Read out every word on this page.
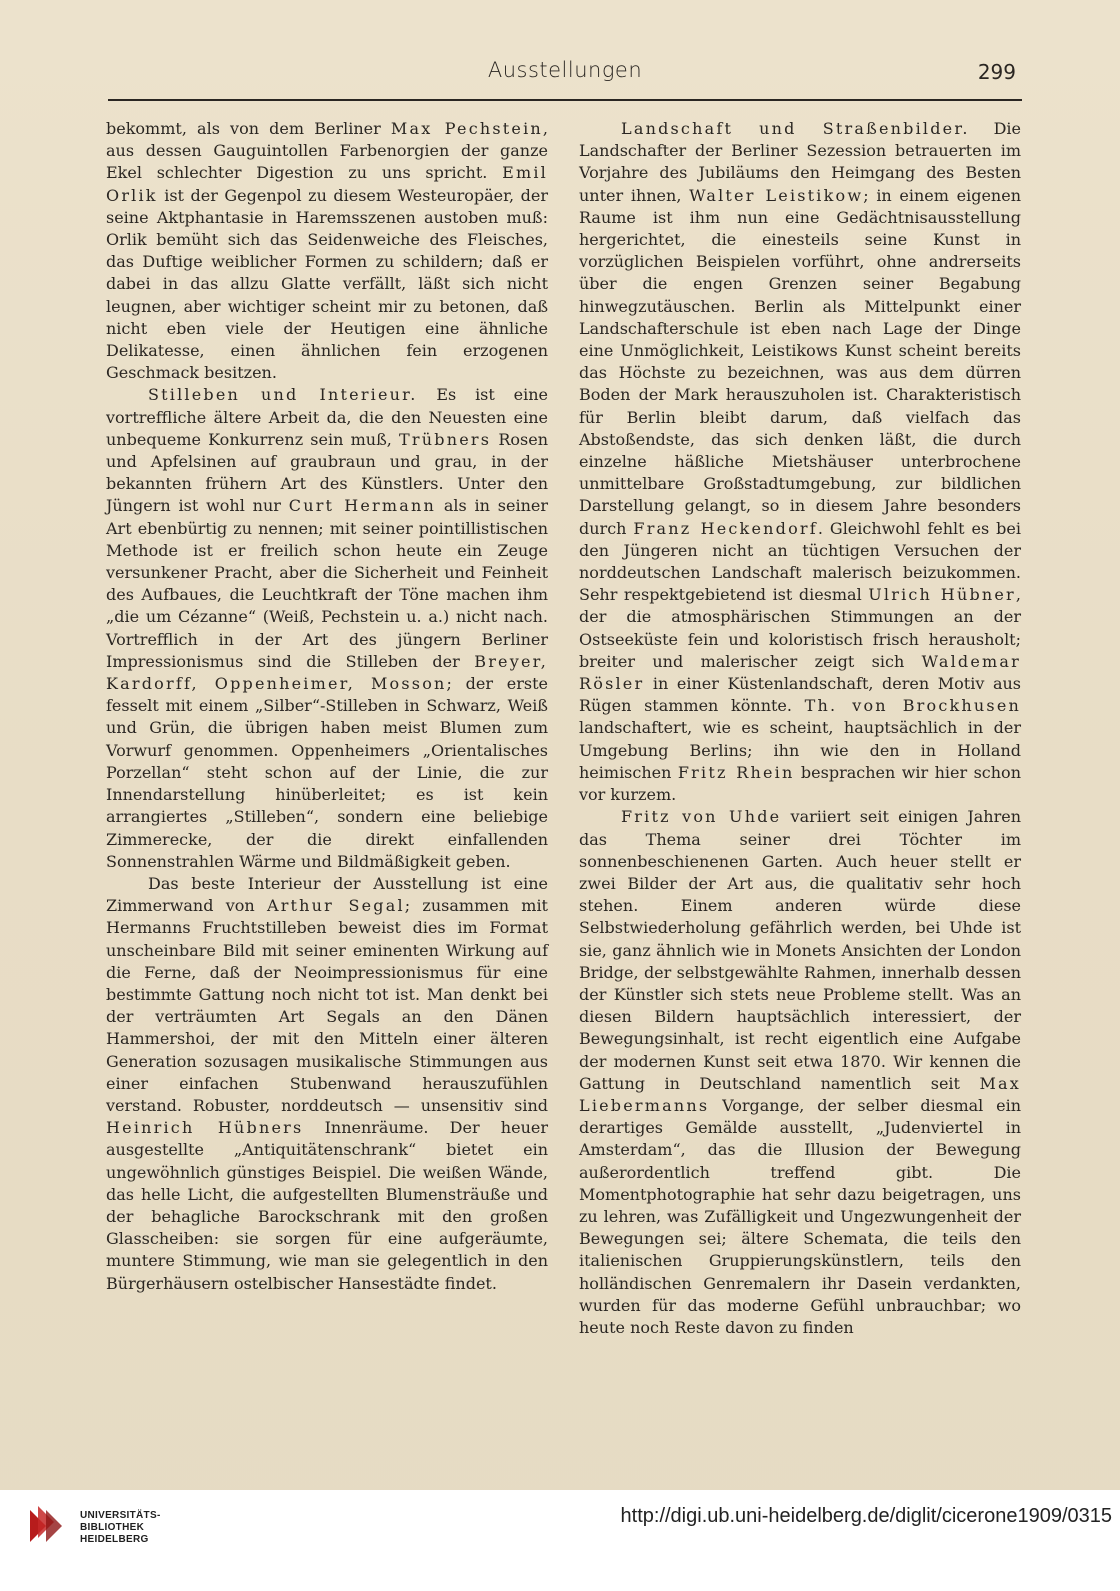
Ausstellungen	299

bekommt, als von dem Berliner Max Pechstein, aus dessen Gauguintollen Farbenorgien der ganze Ekel schlechter Digestion zu uns spricht. Emil Orlik ist der Gegenpol zu diesem Westeuropäer, der seine Aktphantasie in Haremsszenen austoben muß: Orlik bemüht sich das Seidenweiche des Fleisches, das Duftige weiblicher Formen zu schildern; daß er dabei in das allzu Glatte verfällt, läßt sich nicht leugnen, aber wichtiger scheint mir zu betonen, daß nicht eben viele der Heutigen eine ähnliche Delikatesse, einen ähnlichen fein erzogenen Geschmack besitzen.

Stilleben und Interieur. Es ist eine vortreffliche ältere Arbeit da, die den Neuesten eine unbequeme Konkurrenz sein muß, Trübners Rosen und Apfelsinen auf graubraun und grau, in der bekannten frühern Art des Künstlers. Unter den Jüngern ist wohl nur Curt Hermann als in seiner Art ebenbürtig zu nennen; mit seiner pointillistischen Methode ist er freilich schon heute ein Zeuge versunkener Pracht, aber die Sicherheit und Feinheit des Aufbaues, die Leuchtkraft der Töne machen ihm „die um Cézanne“ (Weiß, Pechstein u. a.) nicht nach. Vortrefflich in der Art des jüngern Berliner Impressionismus sind die Stilleben der Breyer, Kardorff, Oppenheimer, Mosson; der erste fesselt mit einem „Silber“-Stilleben in Schwarz, Weiß und Grün, die übrigen haben meist Blumen zum Vorwurf genommen. Oppenheimers „Orientalisches Porzellan“ steht schon auf der Linie, die zur Innendarstellung hinüberleitet; es ist kein arrangiertes „Stilleben“, sondern eine beliebige Zimmerecke, der die direkt einfallenden Sonnenstrahlen Wärme und Bildmäßigkeit geben.

Das beste Interieur der Ausstellung ist eine Zimmerwand von Arthur Segal; zusammen mit Hermanns Fruchtstilleben beweist dies im Format unscheinbare Bild mit seiner eminenten Wirkung auf die Ferne, daß der Neoimpressionismus für eine bestimmte Gattung noch nicht tot ist. Man denkt bei der verträumten Art Segals an den Dänen Hammershoi, der mit den Mitteln einer älteren Generation sozusagen musikalische Stimmungen aus einer einfachen Stubenwand herauszufühlen verstand. Robuster, norddeutsch — unsensitiv sind Heinrich Hübners Innenräume. Der heuer ausgestellte „Antiquitätenschrank“ bietet ein ungewöhnlich günstiges Beispiel. Die weißen Wände, das helle Licht, die aufgestellten Blumensträuße und der behagliche Barockschrank mit den großen Glasscheiben: sie sorgen für eine aufgeräumte, muntere Stimmung, wie man sie gelegentlich in den Bürgerhäusern ostelbischer Hansestädte findet.

Landschaft und Straßenbilder. Die Landschafter der Berliner Sezession betrauerten im Vorjahre des Jubiläums den Heimgang des Besten unter ihnen, Walter Leistikow; in einem eigenen Raume ist ihm nun eine Gedächtnisausstellung hergerichtet, die einesteils seine Kunst in vorzüglichen Beispielen vorführt, ohne andrerseits über die engen Grenzen seiner Begabung hinwegzutäuschen. Berlin als Mittelpunkt einer Landschafterschule ist eben nach Lage der Dinge eine Unmöglichkeit, Leistikows Kunst scheint bereits das Höchste zu bezeichnen, was aus dem dürren Boden der Mark herauszuholen ist. Charakteristisch für Berlin bleibt darum, daß vielfach das Abstoßendste, das sich denken läßt, die durch einzelne häßliche Mietshäuser unterbrochene unmittelbare Großstadtumgebung, zur bildlichen Darstellung gelangt, so in diesem Jahre besonders durch Franz Heckendorf. Gleichwohl fehlt es bei den Jüngeren nicht an tüchtigen Versuchen der norddeutschen Landschaft malerisch beizukommen. Sehr respektgebietend ist diesmal Ulrich Hübner, der die atmosphärischen Stimmungen an der Ostseeküste fein und koloristisch frisch herausholt; breiter und malerischer zeigt sich Waldemar Rösler in einer Küstenlandschaft, deren Motiv aus Rügen stammen könnte. Th. von Brockhusen landschaftert, wie es scheint, hauptsächlich in der Umgebung Berlins; ihn wie den in Holland heimischen Fritz Rhein besprachen wir hier schon vor kurzem.

Fritz von Uhde variiert seit einigen Jahren das Thema seiner drei Töchter im sonnenbeschienenen Garten. Auch heuer stellt er zwei Bilder der Art aus, die qualitativ sehr hoch stehen. Einem anderen würde diese Selbstwiederholung gefährlich werden, bei Uhde ist sie, ganz ähnlich wie in Monets Ansichten der London Bridge, der selbstgewählte Rahmen, innerhalb dessen der Künstler sich stets neue Probleme stellt. Was an diesen Bildern hauptsächlich interessiert, der Bewegungsinhalt, ist recht eigentlich eine Aufgabe der modernen Kunst seit etwa 1870. Wir kennen die Gattung in Deutschland namentlich seit Max Liebermanns Vorgange, der selber diesmal ein derartiges Gemälde ausstellt, „Judenviertel in Amsterdam“, das die Illusion der Bewegung außerordentlich treffend gibt. Die Momentphotographie hat sehr dazu beigetragen, uns zu lehren, was Zufälligkeit und Ungezwungenheit der Bewegungen sei; ältere Schemata, die teils den italienischen Gruppierungskünstlern, teils den holländischen Genremalern ihr Dasein verdankten, wurden für das moderne Gefühl unbrauchbar; wo heute noch Reste davon zu finden

UNIVERSITÄTS-
BIBLIOTHEK
HEIDELBERG
http://digi.ub.uni-heidelberg.de/diglit/cicerone1909/0315
